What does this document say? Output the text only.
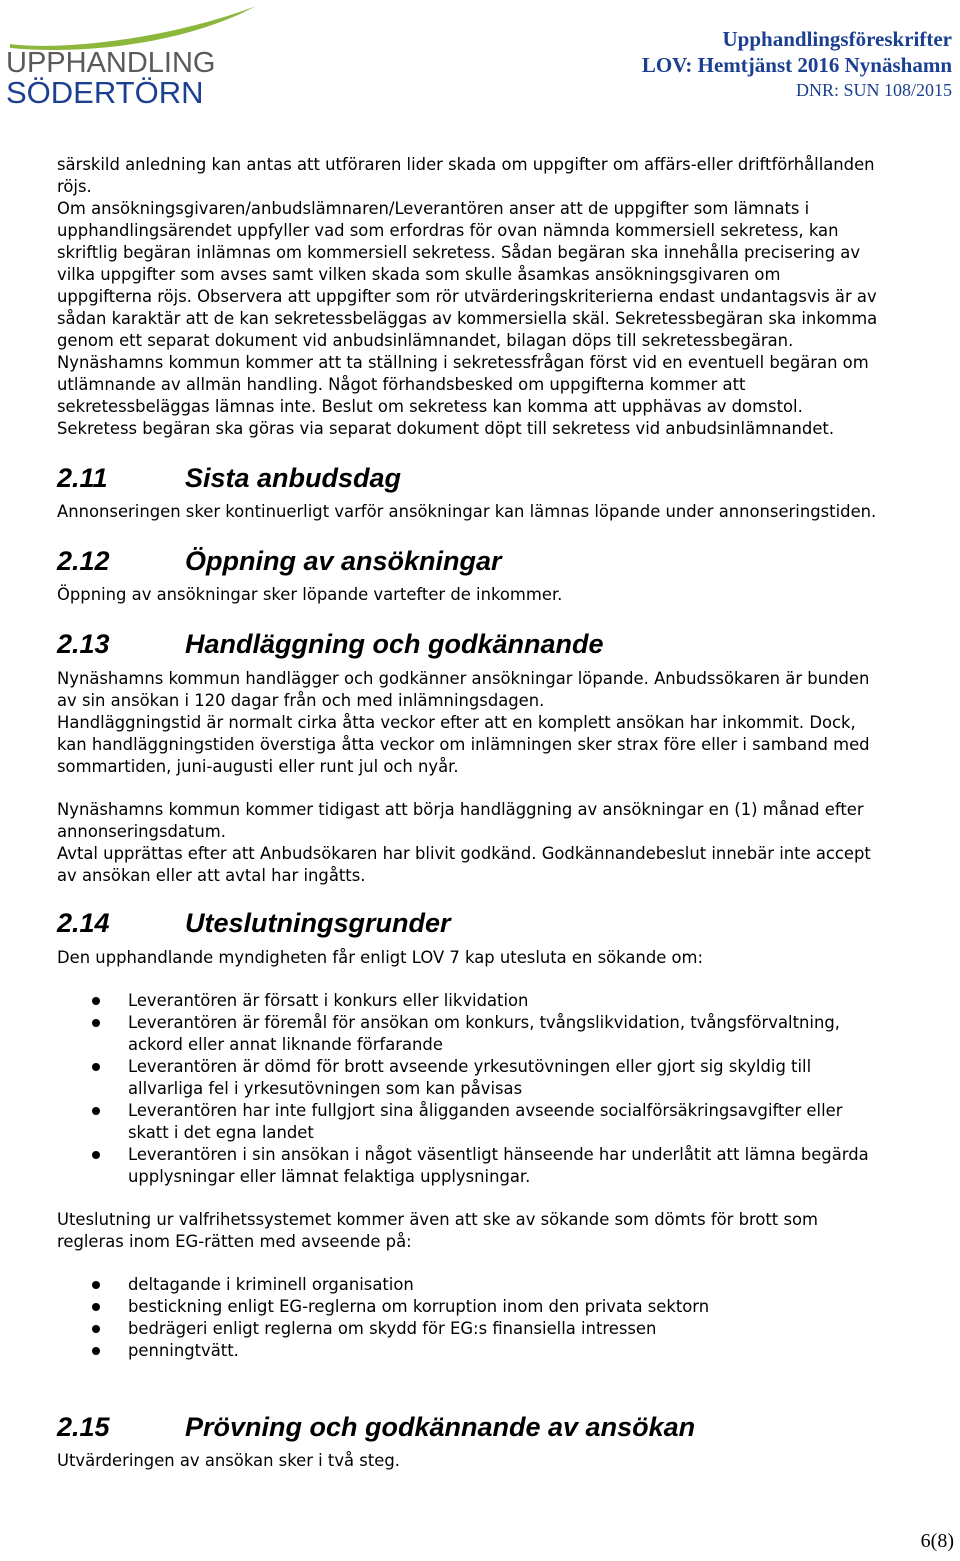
UPPHANDLING
SÖDERTÖRN
Upphandlingsföreskrifter
LOV: Hemtjänst 2016 Nynäshamn
DNR: SUN 108/2015
särskild anledning kan antas att utföraren lider skada om uppgifter om affärs-eller driftförhållanden
röjs.
Om ansökningsgivaren/anbudslämnaren/Leverantören anser att de uppgifter som lämnats i
upphandlingsärendet uppfyller vad som erfordras för ovan nämnda kommersiell sekretess, kan
skriftlig begäran inlämnas om kommersiell sekretess. Sådan begäran ska innehålla precisering av
vilka uppgifter som avses samt vilken skada som skulle åsamkas ansökningsgivaren om
uppgifterna röjs. Observera att uppgifter som rör utvärderingskriterierna endast undantagsvis är av
sådan karaktär att de kan sekretessbeläggas av kommersiella skäl. Sekretessbegäran ska inkomma
genom ett separat dokument vid anbudsinlämnandet, bilagan döps till sekretessbegäran.
Nynäshamns kommun kommer att ta ställning i sekretessfrågan först vid en eventuell begäran om
utlämnande av allmän handling. Något förhandsbesked om uppgifterna kommer att
sekretessbeläggas lämnas inte. Beslut om sekretess kan komma att upphävas av domstol.
Sekretess begäran ska göras via separat dokument döpt till sekretess vid anbudsinlämnandet.
2.11	Sista anbudsdag
Annonseringen sker kontinuerligt varför ansökningar kan lämnas löpande under annonseringstiden.
2.12	Öppning av ansökningar
Öppning av ansökningar sker löpande vartefter de inkommer.
2.13	Handläggning och godkännande
Nynäshamns kommun handlägger och godkänner ansökningar löpande. Anbudssökaren är bunden
av sin ansökan i 120 dagar från och med inlämningsdagen.
Handläggningstid är normalt cirka åtta veckor efter att en komplett ansökan har inkommit. Dock,
kan handläggningstiden överstiga åtta veckor om inlämningen sker strax före eller i samband med
sommartiden, juni-augusti eller runt jul och nyår.
Nynäshamns kommun kommer tidigast att börja handläggning av ansökningar en (1) månad efter
annonseringsdatum.
Avtal upprättas efter att Anbudsökaren har blivit godkänd. Godkännandebeslut innebär inte accept
av ansökan eller att avtal har ingåtts.
2.14	Uteslutningsgrunder
Den upphandlande myndigheten får enligt LOV 7 kap utesluta en sökande om:
Leverantören är försatt i konkurs eller likvidation
Leverantören är föremål för ansökan om konkurs, tvångslikvidation, tvångsförvaltning,
ackord eller annat liknande förfarande
Leverantören är dömd för brott avseende yrkesutövningen eller gjort sig skyldig till
allvarliga fel i yrkesutövningen som kan påvisas
Leverantören har inte fullgjort sina åligganden avseende socialförsäkringsavgifter eller
skatt i det egna landet
Leverantören i sin ansökan i något väsentligt hänseende har underlåtit att lämna begärda
upplysningar eller lämnat felaktiga upplysningar.
Uteslutning ur valfrihetssystemet kommer även att ske av sökande som dömts för brott som
regleras inom EG-rätten med avseende på:
deltagande i kriminell organisation
bestickning enligt EG-reglerna om korruption inom den privata sektorn
bedrägeri enligt reglerna om skydd för EG:s finansiella intressen
penningtvätt.
2.15	Prövning och godkännande av ansökan
Utvärderingen av ansökan sker i två steg.
6(8)
